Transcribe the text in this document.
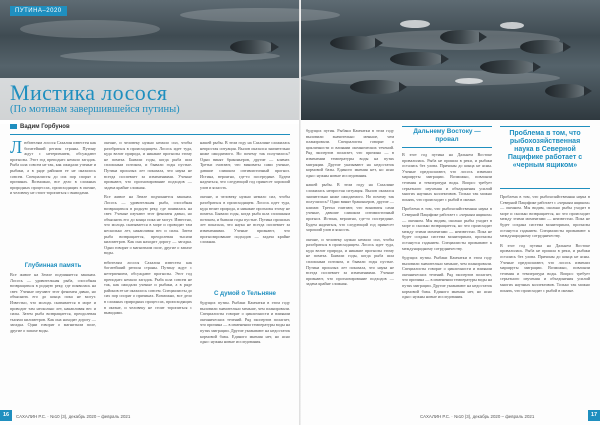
ПУТИНА–2020
Мистика лосося
(По мотивам завершившейся путины)
Вадим Горбунов
Л юбителям лосося Сахалин известен как богатейший регион страны. Путину ждут с нетерпением, обсуждают прогнозы. Этот год преподнес немало загадок. Рыба шла совсем не так, как ожидали ученые и рыбаки, а в ряде районов ее не оказалось совсем. Специалисты до сих пор спорят о причинах. Возможно, все дело в сложных природных процессах, происходящих в океане, и человеку не стоит торопиться с выводами.

Глубинная память

Все живое на Земле подчиняется законам. Лосось — удивительная рыба, способная возвращаться в родную реку, где появилась на свет. Ученые изучают этот феномен давно, но объяснить его до конца пока не могут. Известно, что молодь скатывается в море и проводит там несколько лет, накапливая вес и силы. Затем рыба возвращается, преодолевая тысячи километров. Как она находит дорогу — загадка. Одни говорят о магнитном поле, другие о запахе воды.

океане, и человеку нужно немало сил, чтобы разобраться в происходящем. Лосось идет туда, куда велит природа, и никакие прогнозы этому не помеха. Бывали годы, когда рыба шла сплошным потоком, и бывали годы пустые. Путина прошлых лет показала, что наука не всегда поспевает за изменениями. Ученые признают, что прогнозирование подходов — задача крайне сложная.

Все живое на Земле подчиняется законам. Лосось — удивительная рыба, способная возвращаться в родную реку, где появилась на свет. Ученые изучают этот феномен давно, но объяснить его до конца пока не могут. Известно, что молодь скатывается в море и проводит там несколько лет, накапливая вес и силы. Затем рыба возвращается, преодолевая тысячи километров. Как она находит дорогу — загадка. Одни говорят о магнитном поле, другие о запахе воды.

юбителям лосося Сахалин известен как богатейший регион страны. Путину ждут с нетерпением, обсуждают прогнозы. Этот год преподнес немало загадок. Рыба шла совсем не так, как ожидали ученые и рыбаки, а в ряде районов ее не оказалось совсем. Специалисты до сих пор спорят о причинах. Возможно, все дело в сложных природных процессах, происходящих в океане, и человеку не стоит торопиться с выводами.

нашей рыбы. В этом году на Сахалине сложилась непростая ситуация. Вылов оказался значительно ниже ожидаемого. Но почему так получилось? Одни винят браконьеров, другие — климат. Третьи считают, что виноваты сами ученые, давшие слишком оптимистичный прогноз. Истина, вероятно, где-то посередине. Будем надеяться, что следующий год принесет хороший улов и ясность.

океане, и человеку нужно немало сил, чтобы разобраться в происходящем. Лосось идет туда, куда велит природа, и никакие прогнозы этому не помеха. Бывали годы, когда рыба шла сплошным потоком, и бывали годы пустые. Путина прошлых лет показала, что наука не всегда поспевает за изменениями. Ученые признают, что прогнозирование подходов — задача крайне сложная.

С думой о Тельняне

будущих путин. Рыбаки Камчатки в этом году выловили значительно меньше, чем планировали. Специалисты говорят о цикличности и влиянии океанических течений. Ряд экспертов полагает, что причина — в изменении температуры воды на путях миграции. Другие указывают на недостаток кормовой базы. Единого мнения нет, но ясно одно: нужны новые исследования.

будущих путин. Рыбаки Камчатки в этом году выловили значительно меньше, чем планировали. Специалисты говорят о цикличности и влиянии океанических течений. Ряд экспертов полагает, что причина — в изменении температуры воды на путях миграции. Другие указывают на недостаток кормовой базы. Единого мнения нет, но ясно одно: нужны новые исследования.

нашей рыбы. В этом году на Сахалине сложилась непростая ситуация. Вылов оказался значительно ниже ожидаемого. Но почему так получилось? Одни винят браконьеров, другие — климат. Третьи считают, что виноваты сами ученые, давшие слишком оптимистичный прогноз. Истина, вероятно, где-то посередине. Будем надеяться, что следующий год принесет хороший улов и ясность.

океане, и человеку нужно немало сил, чтобы разобраться в происходящем. Лосось идет туда, куда велит природа, и никакие прогнозы этому не помеха. Бывали годы, когда рыба шла сплошным потоком, и бывали годы пустые. Путина прошлых лет показала, что наука не всегда поспевает за изменениями. Ученые признают, что прогнозирование подходов — задача крайне сложная.

Дальнему Востоку — провал

В этот год путина на Дальнем Востоке провалилась. Рыба не пришла в реки, и рыбаки остались без улова. Причины до конца не ясны. Ученые предполагают, что лосось изменил маршруты миграции. Возможно, повлияли течения и температура воды. Вопрос требует серьезного изучения и объединения усилий многих научных коллективов. Только так можно понять, что происходит с рыбой в океане.

Проблема в том, что рыбохозяйственная наука в Северной Пацифике работает с «черным ящиком» — океаном. Мы видим, сколько рыбы уходит в море и сколько возвращается, но что происходит между этими моментами — неизвестно. Пока не будет создана система мониторинга, прогнозы останутся гаданием. Специалисты призывают к международному сотрудничеству.

будущих путин. Рыбаки Камчатки в этом году выловили значительно меньше, чем планировали. Специалисты говорят о цикличности и влиянии океанических течений. Ряд экспертов полагает, что причина — в изменении температуры воды на путях миграции. Другие указывают на недостаток кормовой базы. Единого мнения нет, но ясно одно: нужны новые исследования.

Проблема в том, что рыбохозяйственная наука в Северной Пацифике работает с «черным ящиком»

Проблема в том, что рыбохозяйственная наука в Северной Пацифике работает с «черным ящиком» — океаном. Мы видим, сколько рыбы уходит в море и сколько возвращается, но что происходит между этими моментами — неизвестно. Пока не будет создана система мониторинга, прогнозы останутся гаданием. Специалисты призывают к международному сотрудничеству.

В этот год путина на Дальнем Востоке провалилась. Рыба не пришла в реки, и рыбаки остались без улова. Причины до конца не ясны. Ученые предполагают, что лосось изменил маршруты миграции. Возможно, повлияли течения и температура воды. Вопрос требует серьезного изучения и объединения усилий многих научных коллективов. Только так можно понять, что происходит с рыбой в океане.

16	САХАЛИН Р.С. · №10 (3), декабрь 2020 – февраль 2021	САХАЛИН Р.С. · №10 (3), декабрь 2020 – февраль 2021	17
